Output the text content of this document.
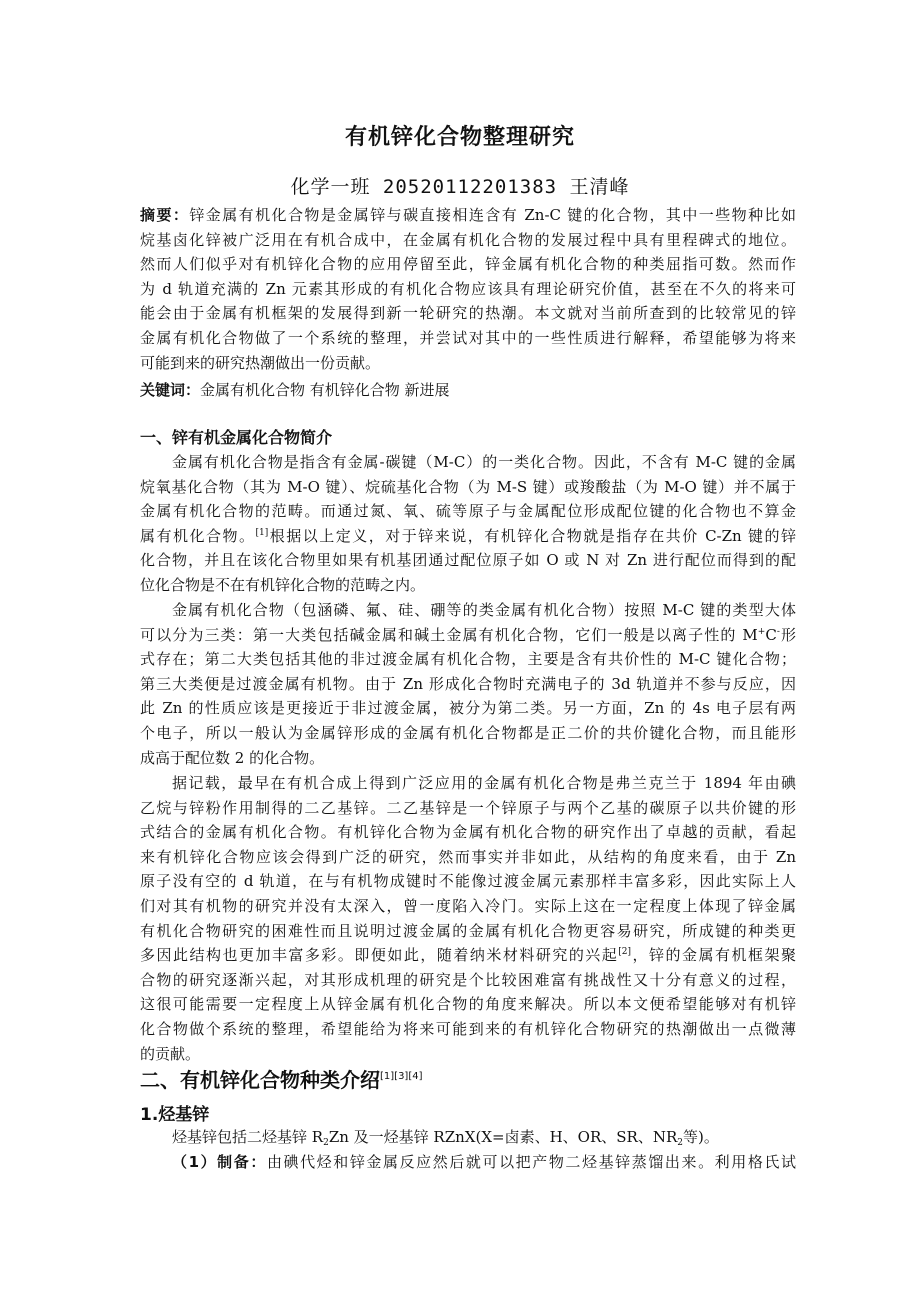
有机锌化合物整理研究
化学一班 20520112201383 王清峰
摘要：锌金属有机化合物是金属锌与碳直接相连含有 Zn-C 键的化合物，其中一些物种比如
烷基卤化锌被广泛用在有机合成中，在金属有机化合物的发展过程中具有里程碑式的地位。
然而人们似乎对有机锌化合物的应用停留至此，锌金属有机化合物的种类屈指可数。然而作
为 d 轨道充满的 Zn 元素其形成的有机化合物应该具有理论研究价值，甚至在不久的将来可
能会由于金属有机框架的发展得到新一轮研究的热潮。本文就对当前所查到的比较常见的锌
金属有机化合物做了一个系统的整理，并尝试对其中的一些性质进行解释，希望能够为将来
可能到来的研究热潮做出一份贡献。
关键词：金属有机化合物 有机锌化合物 新进展
一、锌有机金属化合物简介
金属有机化合物是指含有金属-碳键（M-C）的一类化合物。因此，不含有 M-C 键的金属
烷氧基化合物（其为 M-O 键）、烷硫基化合物（为 M-S 键）或羧酸盐（为 M-O 键）并不属于
金属有机化合物的范畴。而通过氮、氧、硫等原子与金属配位形成配位键的化合物也不算金
属有机化合物。[1]根据以上定义，对于锌来说，有机锌化合物就是指存在共价 C-Zn 键的锌
化合物，并且在该化合物里如果有机基团通过配位原子如 O 或 N 对 Zn 进行配位而得到的配
位化合物是不在有机锌化合物的范畴之内。
金属有机化合物（包涵磷、氟、硅、硼等的类金属有机化合物）按照 M-C 键的类型大体
可以分为三类：第一大类包括碱金属和碱土金属有机化合物，它们一般是以离子性的 M+C-形
式存在；第二大类包括其他的非过渡金属有机化合物，主要是含有共价性的 M-C 键化合物；
第三大类便是过渡金属有机物。由于 Zn 形成化合物时充满电子的 3d 轨道并不参与反应，因
此 Zn 的性质应该是更接近于非过渡金属，被分为第二类。另一方面，Zn 的 4s 电子层有两
个电子，所以一般认为金属锌形成的金属有机化合物都是正二价的共价键化合物，而且能形
成高于配位数 2 的化合物。
据记载，最早在有机合成上得到广泛应用的金属有机化合物是弗兰克兰于 1894 年由碘
乙烷与锌粉作用制得的二乙基锌。二乙基锌是一个锌原子与两个乙基的碳原子以共价键的形
式结合的金属有机化合物。有机锌化合物为金属有机化合物的研究作出了卓越的贡献，看起
来有机锌化合物应该会得到广泛的研究，然而事实并非如此，从结构的角度来看，由于 Zn
原子没有空的 d 轨道，在与有机物成键时不能像过渡金属元素那样丰富多彩，因此实际上人
们对其有机物的研究并没有太深入，曾一度陷入冷门。实际上这在一定程度上体现了锌金属
有机化合物研究的困难性而且说明过渡金属的金属有机化合物更容易研究，所成键的种类更
多因此结构也更加丰富多彩。即便如此，随着纳米材料研究的兴起[2]，锌的金属有机框架聚
合物的研究逐渐兴起，对其形成机理的研究是个比较困难富有挑战性又十分有意义的过程，
这很可能需要一定程度上从锌金属有机化合物的角度来解决。所以本文便希望能够对有机锌
化合物做个系统的整理，希望能给为将来可能到来的有机锌化合物研究的热潮做出一点微薄
的贡献。
二、有机锌化合物种类介绍[1][3][4]
1.烃基锌
烃基锌包括二烃基锌 $R_2Zn$ 及一烃基锌 RZnX(X=卤素、H、OR、SR、$NR_2$等)。
（1）制备：由碘代烃和锌金属反应然后就可以把产物二烃基锌蒸馏出来。利用格氏试
